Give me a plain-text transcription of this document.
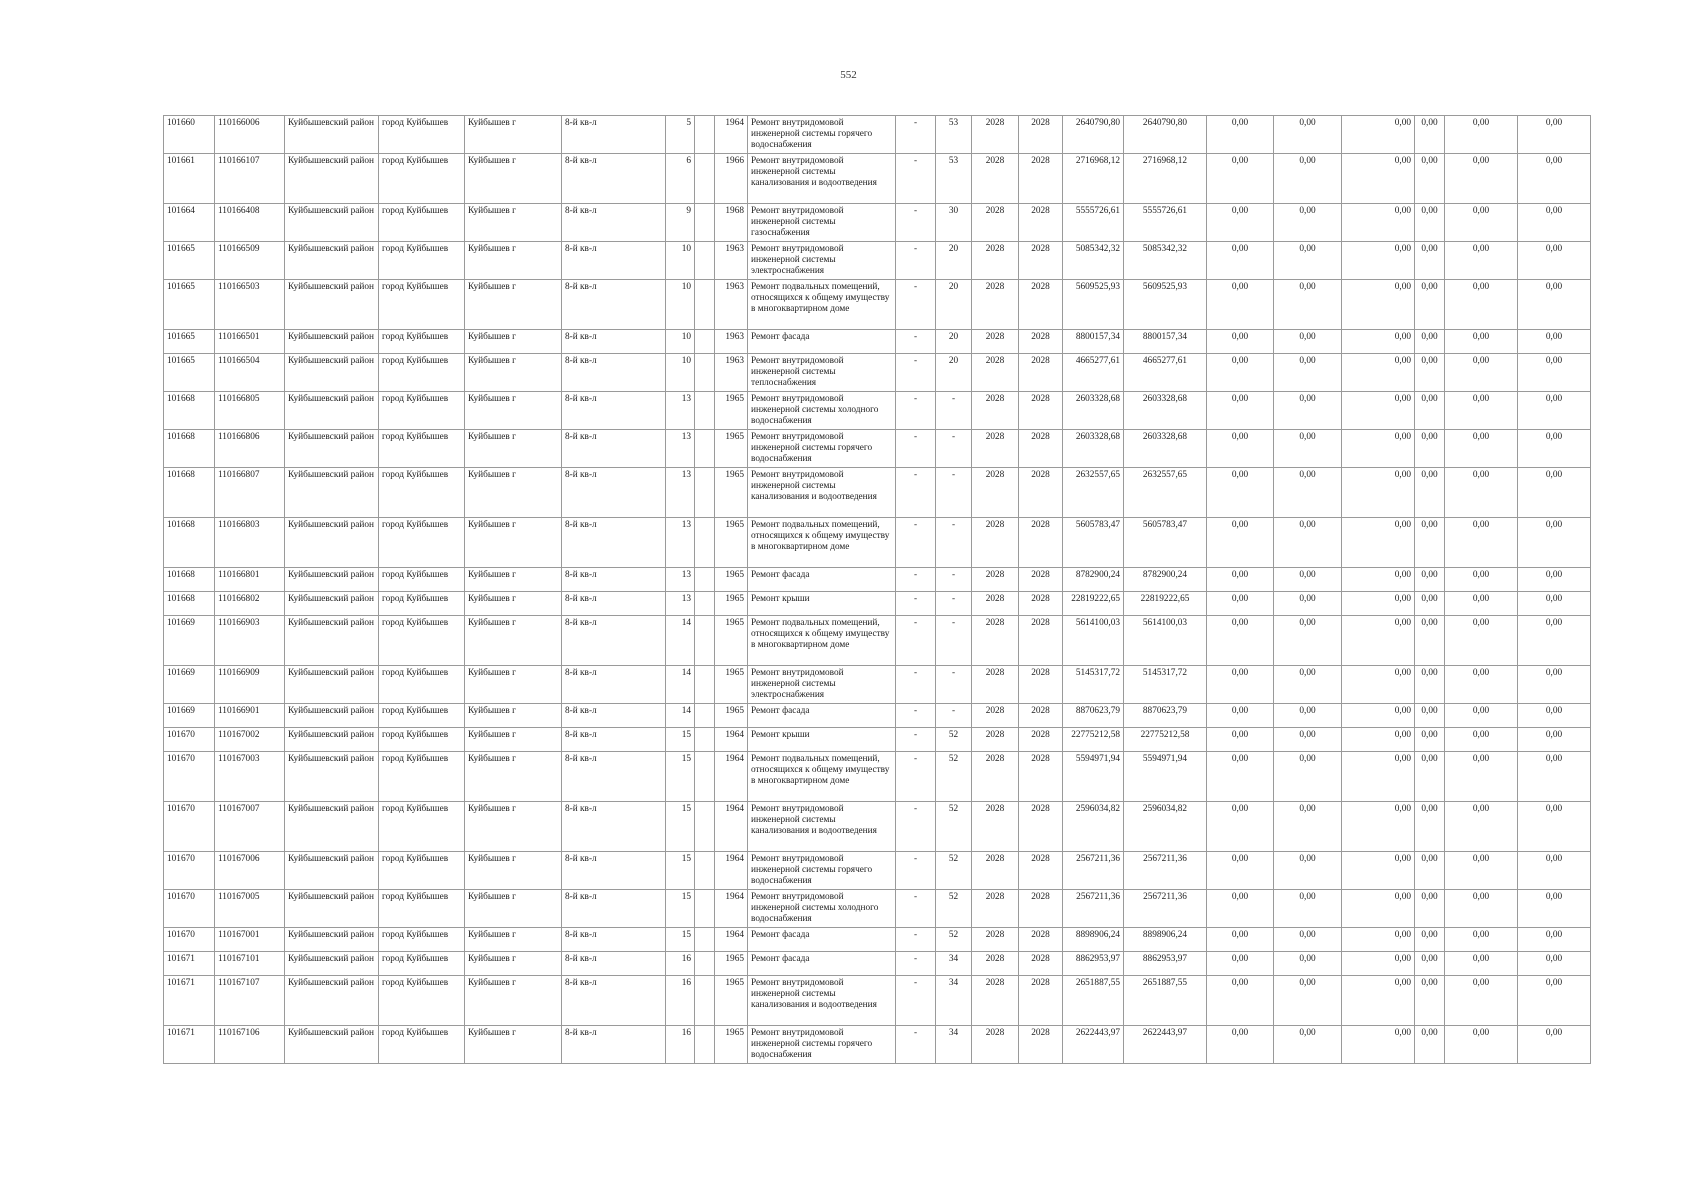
552
101660	110166006	Куйбышевский район	город Куйбышев	Куйбышев г	8-й кв-л	5		1964	Ремонт внутридомовой инженерной системы горячего водоснабжения	-	53	2028	2028	2640790,80	2640790,80	0,00	0,00	0,00	0,00	0,00	0,00
101661	110166107	Куйбышевский район	город Куйбышев	Куйбышев г	8-й кв-л	6		1966	Ремонт внутридомовой инженерной системы канализования и водоотведения	-	53	2028	2028	2716968,12	2716968,12	0,00	0,00	0,00	0,00	0,00	0,00
101664	110166408	Куйбышевский район	город Куйбышев	Куйбышев г	8-й кв-л	9		1968	Ремонт внутридомовой инженерной системы газоснабжения	-	30	2028	2028	5555726,61	5555726,61	0,00	0,00	0,00	0,00	0,00	0,00
101665	110166509	Куйбышевский район	город Куйбышев	Куйбышев г	8-й кв-л	10		1963	Ремонт внутридомовой инженерной системы электроснабжения	-	20	2028	2028	5085342,32	5085342,32	0,00	0,00	0,00	0,00	0,00	0,00
101665	110166503	Куйбышевский район	город Куйбышев	Куйбышев г	8-й кв-л	10		1963	Ремонт подвальных помещений, относящихся к общему имуществу в многоквартирном доме	-	20	2028	2028	5609525,93	5609525,93	0,00	0,00	0,00	0,00	0,00	0,00
101665	110166501	Куйбышевский район	город Куйбышев	Куйбышев г	8-й кв-л	10		1963	Ремонт фасада	-	20	2028	2028	8800157,34	8800157,34	0,00	0,00	0,00	0,00	0,00	0,00
101665	110166504	Куйбышевский район	город Куйбышев	Куйбышев г	8-й кв-л	10		1963	Ремонт внутридомовой инженерной системы теплоснабжения	-	20	2028	2028	4665277,61	4665277,61	0,00	0,00	0,00	0,00	0,00	0,00
101668	110166805	Куйбышевский район	город Куйбышев	Куйбышев г	8-й кв-л	13		1965	Ремонт внутридомовой инженерной системы холодного водоснабжения	-	-	2028	2028	2603328,68	2603328,68	0,00	0,00	0,00	0,00	0,00	0,00
101668	110166806	Куйбышевский район	город Куйбышев	Куйбышев г	8-й кв-л	13		1965	Ремонт внутридомовой инженерной системы горячего водоснабжения	-	-	2028	2028	2603328,68	2603328,68	0,00	0,00	0,00	0,00	0,00	0,00
101668	110166807	Куйбышевский район	город Куйбышев	Куйбышев г	8-й кв-л	13		1965	Ремонт внутридомовой инженерной системы канализования и водоотведения	-	-	2028	2028	2632557,65	2632557,65	0,00	0,00	0,00	0,00	0,00	0,00
101668	110166803	Куйбышевский район	город Куйбышев	Куйбышев г	8-й кв-л	13		1965	Ремонт подвальных помещений, относящихся к общему имуществу в многоквартирном доме	-	-	2028	2028	5605783,47	5605783,47	0,00	0,00	0,00	0,00	0,00	0,00
101668	110166801	Куйбышевский район	город Куйбышев	Куйбышев г	8-й кв-л	13		1965	Ремонт фасада	-	-	2028	2028	8782900,24	8782900,24	0,00	0,00	0,00	0,00	0,00	0,00
101668	110166802	Куйбышевский район	город Куйбышев	Куйбышев г	8-й кв-л	13		1965	Ремонт крыши	-	-	2028	2028	22819222,65	22819222,65	0,00	0,00	0,00	0,00	0,00	0,00
101669	110166903	Куйбышевский район	город Куйбышев	Куйбышев г	8-й кв-л	14		1965	Ремонт подвальных помещений, относящихся к общему имуществу в многоквартирном доме	-	-	2028	2028	5614100,03	5614100,03	0,00	0,00	0,00	0,00	0,00	0,00
101669	110166909	Куйбышевский район	город Куйбышев	Куйбышев г	8-й кв-л	14		1965	Ремонт внутридомовой инженерной системы электроснабжения	-	-	2028	2028	5145317,72	5145317,72	0,00	0,00	0,00	0,00	0,00	0,00
101669	110166901	Куйбышевский район	город Куйбышев	Куйбышев г	8-й кв-л	14		1965	Ремонт фасада	-	-	2028	2028	8870623,79	8870623,79	0,00	0,00	0,00	0,00	0,00	0,00
101670	110167002	Куйбышевский район	город Куйбышев	Куйбышев г	8-й кв-л	15		1964	Ремонт крыши	-	52	2028	2028	22775212,58	22775212,58	0,00	0,00	0,00	0,00	0,00	0,00
101670	110167003	Куйбышевский район	город Куйбышев	Куйбышев г	8-й кв-л	15		1964	Ремонт подвальных помещений, относящихся к общему имуществу в многоквартирном доме	-	52	2028	2028	5594971,94	5594971,94	0,00	0,00	0,00	0,00	0,00	0,00
101670	110167007	Куйбышевский район	город Куйбышев	Куйбышев г	8-й кв-л	15		1964	Ремонт внутридомовой инженерной системы канализования и водоотведения	-	52	2028	2028	2596034,82	2596034,82	0,00	0,00	0,00	0,00	0,00	0,00
101670	110167006	Куйбышевский район	город Куйбышев	Куйбышев г	8-й кв-л	15		1964	Ремонт внутридомовой инженерной системы горячего водоснабжения	-	52	2028	2028	2567211,36	2567211,36	0,00	0,00	0,00	0,00	0,00	0,00
101670	110167005	Куйбышевский район	город Куйбышев	Куйбышев г	8-й кв-л	15		1964	Ремонт внутридомовой инженерной системы холодного водоснабжения	-	52	2028	2028	2567211,36	2567211,36	0,00	0,00	0,00	0,00	0,00	0,00
101670	110167001	Куйбышевский район	город Куйбышев	Куйбышев г	8-й кв-л	15		1964	Ремонт фасада	-	52	2028	2028	8898906,24	8898906,24	0,00	0,00	0,00	0,00	0,00	0,00
101671	110167101	Куйбышевский район	город Куйбышев	Куйбышев г	8-й кв-л	16		1965	Ремонт фасада	-	34	2028	2028	8862953,97	8862953,97	0,00	0,00	0,00	0,00	0,00	0,00
101671	110167107	Куйбышевский район	город Куйбышев	Куйбышев г	8-й кв-л	16		1965	Ремонт внутридомовой инженерной системы канализования и водоотведения	-	34	2028	2028	2651887,55	2651887,55	0,00	0,00	0,00	0,00	0,00	0,00
101671	110167106	Куйбышевский район	город Куйбышев	Куйбышев г	8-й кв-л	16		1965	Ремонт внутридомовой инженерной системы горячего водоснабжения	-	34	2028	2028	2622443,97	2622443,97	0,00	0,00	0,00	0,00	0,00	0,00
